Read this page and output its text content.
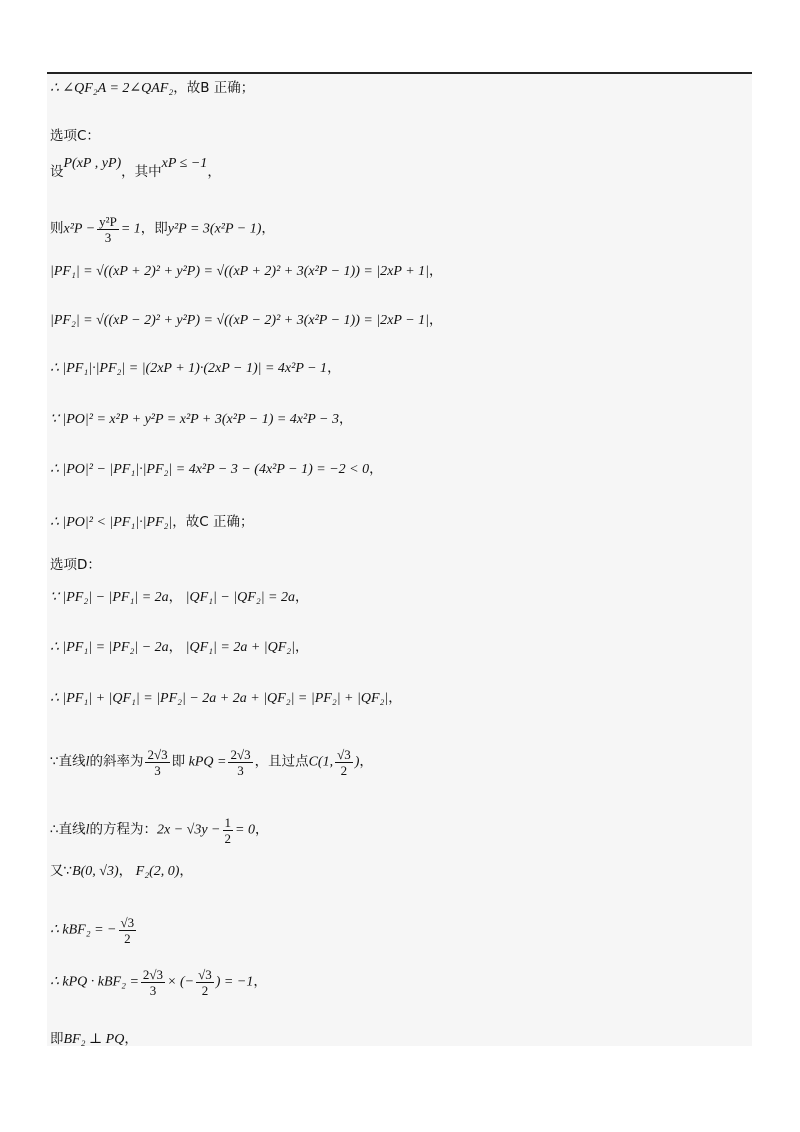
∴ ∠QF₂A = 2∠QAF₂，故B 正确；
选项C：
设P(xP , yP)，其中xP ≤ −1，
则$x^2P - \frac{\text{y²P}}{3} = 1$，即y²P = 3(x²P − 1)，
|PF₁| = √((xP + 2)² + y²P) = √((xP + 2)² + 3(x²P − 1)) = |2xP + 1|，
|PF₂| = √((xP − 2)² + y²P) = √((xP − 2)² + 3(x²P − 1)) = |2xP − 1|，
∴ |PF₁|·|PF₂| = |(2xP + 1)·(2xP − 1)| = 4x²P − 1，
∵ |PO|² = x²P + y²P = x²P + 3(x²P − 1) = 4x²P − 3，
∴ |PO|² − |PF₁|·|PF₂| = 4x²P − 3 − (4x²P − 1) = −2 < 0，
∴ |PO|² < |PF₁|·|PF₂|，故C 正确；
选项D：
∵ |PF₂| − |PF₁| = 2a， |QF₁| − |QF₂| = 2a，
∴ |PF₁| = |PF₂| − 2a， |QF₁| = 2a + |QF₂|，
∴ |PF₁| + |QF₁| = |PF₂| − 2a + 2a + |QF₂| = |PF₂| + |QF₂|，
∵直线l的斜率为 $\frac{2√3}{3}$ 即 kPQ = $\frac{2√3}{3}$ ，且过点C(1, $\frac{√3}{2}$ )，
∴直线l的方程为：$2x - √3y - \frac{1}{2} = 0$，
又∵B(0, √3)， F₂(2, 0)，
∴ kBF₂ = − $\frac{√3}{2}$
∴ kPQ · $kBF_2 = \frac{2√3}{3}$ × (− $\frac{√3}{2}$ ) = −1，
即BF₂ ⊥ PQ，
